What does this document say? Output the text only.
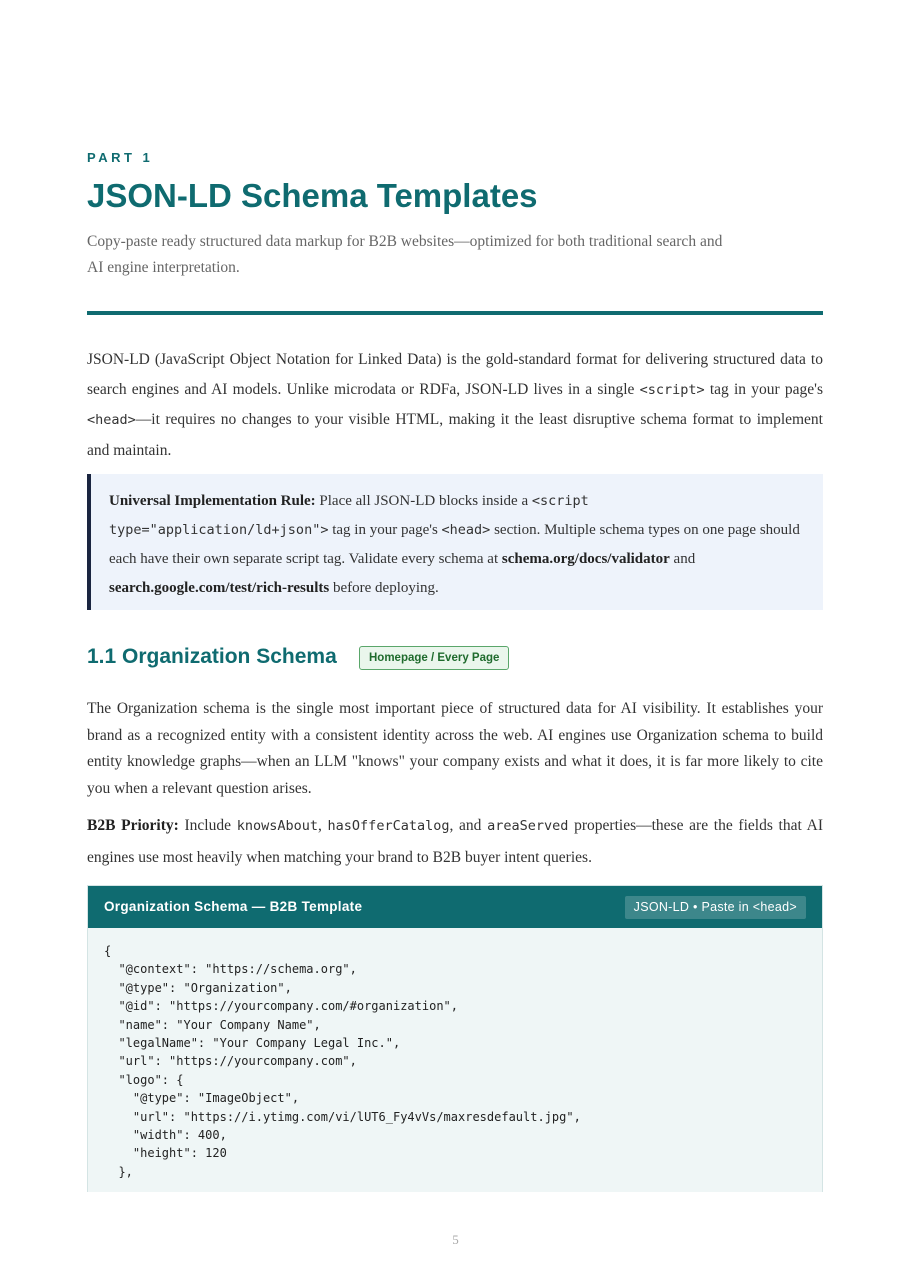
PART 1
JSON-LD Schema Templates
Copy-paste ready structured data markup for B2B websites—optimized for both traditional search and AI engine interpretation.

JSON-LD (JavaScript Object Notation for Linked Data) is the gold-standard format for delivering structured data to search engines and AI models. Unlike microdata or RDFa, JSON-LD lives in a single <script> tag in your page's <head>—it requires no changes to your visible HTML, making it the least disruptive schema format to implement and maintain.

Universal Implementation Rule: Place all JSON-LD blocks inside a <script
type="application/ld+json"> tag in your page's <head> section. Multiple schema types on one page should each have their own separate script tag. Validate every schema at schema.org/docs/validator and search.google.com/test/rich-results before deploying.
1.1 Organization Schema	Homepage / Every Page

The Organization schema is the single most important piece of structured data for AI visibility. It establishes your brand as a recognized entity with a consistent identity across the web. AI engines use Organization schema to build entity knowledge graphs—when an LLM "knows" your company exists and what it does, it is far more likely to cite you when a relevant question arises.

B2B Priority: Include knowsAbout, hasOfferCatalog, and areaServed properties—these are the fields that AI engines use most heavily when matching your brand to B2B buyer intent queries.

Organization Schema — B2B Template	JSON-LD • Paste in <head>
{
"@context": "https://schema.org",
"@type": "Organization",
"@id": "https://yourcompany.com/#organization",
"name": "Your Company Name",
"legalName": "Your Company Legal Inc.",
"url": "https://yourcompany.com",
"logo": {
"@type": "ImageObject",
"url": "https://i.ytimg.com/vi/lUT6_Fy4vVs/maxresdefault.jpg",
"width": 400,
"height": 120
},
5
